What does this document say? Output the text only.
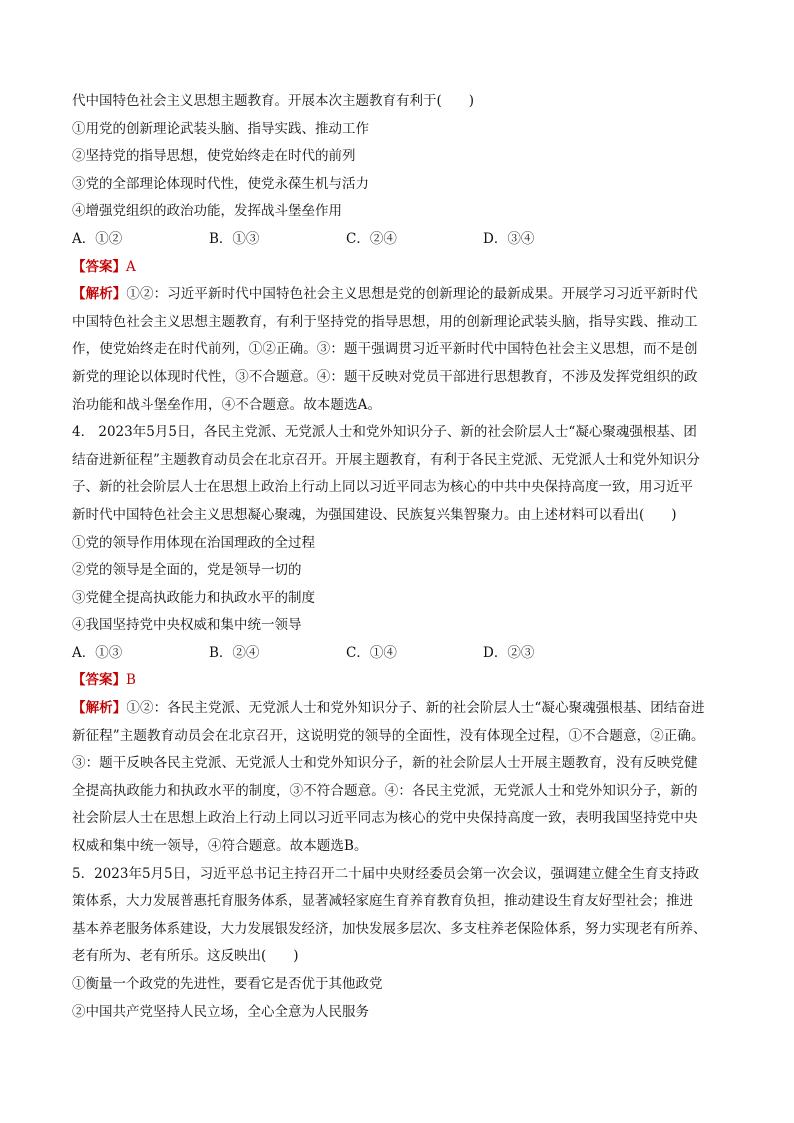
代中国特色社会主义思想主题教育。开展本次主题教育有利于(　　)
①用党的创新理论武装头脑、指导实践、推动工作
②坚持党的指导思想，使党始终走在时代的前列
③党的全部理论体现时代性，使党永葆生机与活力
④增强党组织的政治功能，发挥战斗堡垒作用
A．①②	B．①③	C．②④	D．③④
【答案】A
【解析】①②：习近平新时代中国特色社会主义思想是党的创新理论的最新成果。开展学习习近平新时代
中国特色社会主义思想主题教育，有利于坚持党的指导思想，用的创新理论武装头脑，指导实践、推动工
作，使党始终走在时代前列，①②正确。③：题干强调贯习近平新时代中国特色社会主义思想，而不是创
新党的理论以体现时代性，③不合题意。④：题干反映对党员干部进行思想教育，不涉及发挥党组织的政
治功能和战斗堡垒作用，④不合题意。故本题选A。
4． 2023年5月5日，各民主党派、无党派人士和党外知识分子、新的社会阶层人士“凝心聚魂强根基、团
结奋进新征程”主题教育动员会在北京召开。开展主题教育，有利于各民主党派、无党派人士和党外知识分
子、新的社会阶层人士在思想上政治上行动上同以习近平同志为核心的中共中央保持高度一致，用习近平
新时代中国特色社会主义思想凝心聚魂，为强国建设、民族复兴集智聚力。由上述材料可以看出(　　)
①党的领导作用体现在治国理政的全过程
②党的领导是全面的，党是领导一切的
③党健全提高执政能力和执政水平的制度
④我国坚持党中央权威和集中统一领导
A．①③	B．②④	C．①④	D．②③
【答案】B
【解析】①②：各民主党派、无党派人士和党外知识分子、新的社会阶层人士“凝心聚魂强根基、团结奋进
新征程”主题教育动员会在北京召开，这说明党的领导的全面性，没有体现全过程，①不合题意，②正确。
③：题干反映各民主党派、无党派人士和党外知识分子，新的社会阶层人士开展主题教育，没有反映党健
全提高执政能力和执政水平的制度，③不符合题意。④：各民主党派，无党派人士和党外知识分子，新的
社会阶层人士在思想上政治上行动上同以习近平同志为核心的党中央保持高度一致，表明我国坚持党中央
权威和集中统一领导，④符合题意。故本题选B。
5．2023年5月5日，习近平总书记主持召开二十届中央财经委员会第一次会议，强调建立健全生育支持政
策体系，大力发展普惠托育服务体系，显著减轻家庭生育养育教育负担，推动建设生育友好型社会；推进
基本养老服务体系建设，大力发展银发经济，加快发展多层次、多支柱养老保险体系，努力实现老有所养、
老有所为、老有所乐。这反映出(　　)
①衡量一个政党的先进性，要看它是否优于其他政党
②中国共产党坚持人民立场，全心全意为人民服务
